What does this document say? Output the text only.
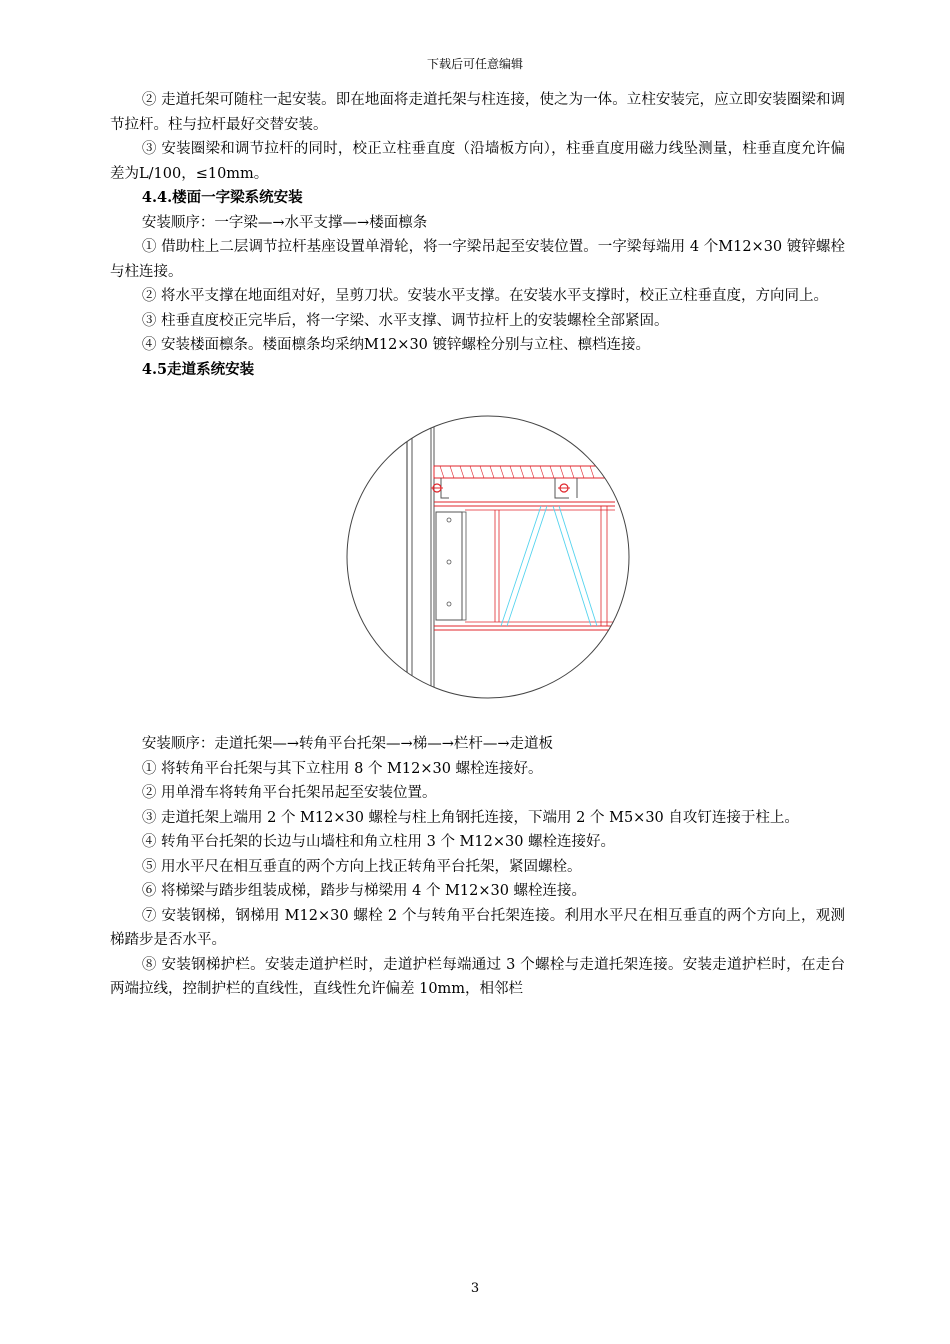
下载后可任意编辑

② 走道托架可随柱一起安装。即在地面将走道托架与柱连接，使之为一体。立柱安装完，应立即安装圈梁和调节拉杆。柱与拉杆最好交替安装。

③ 安装圈梁和调节拉杆的同时，校正立柱垂直度（沿墙板方向），柱垂直度用磁力线坠测量，柱垂直度允许偏差为L/100，≤10mm。

4.4.楼面一字梁系统安装

安装顺序：一字梁—→水平支撑—→楼面檩条

① 借助柱上二层调节拉杆基座设置单滑轮，将一字梁吊起至安装位置。一字梁每端用 4 个M12×30 镀锌螺栓与柱连接。

② 将水平支撑在地面组对好，呈剪刀状。安装水平支撑。在安装水平支撑时，校正立柱垂直度，方向同上。

③ 柱垂直度校正完毕后，将一字梁、水平支撑、调节拉杆上的安装螺栓全部紧固。

④ 安装楼面檩条。楼面檩条均采纳M12×30 镀锌螺栓分别与立柱、檩档连接。

4.5走道系统安装

安装顺序：走道托架—→转角平台托架—→梯—→栏杆—→走道板

① 将转角平台托架与其下立柱用 8 个 M12×30 螺栓连接好。

② 用单滑车将转角平台托架吊起至安装位置。

③ 走道托架上端用 2 个 M12×30 螺栓与柱上角钢托连接，下端用 2 个 M5×30 自攻钉连接于柱上。

④ 转角平台托架的长边与山墙柱和角立柱用 3 个 M12×30 螺栓连接好。

⑤ 用水平尺在相互垂直的两个方向上找正转角平台托架，紧固螺栓。

⑥ 将梯梁与踏步组装成梯，踏步与梯梁用 4 个 M12×30 螺栓连接。

⑦ 安装钢梯，钢梯用 M12×30 螺栓 2 个与转角平台托架连接。利用水平尺在相互垂直的两个方向上，观测梯踏步是否水平。

⑧ 安装钢梯护栏。安装走道护栏时，走道护栏每端通过 3 个螺栓与走道托架连接。安装走道护栏时，在走台两端拉线，控制护栏的直线性，直线性允许偏差 10mm，相邻栏

3
